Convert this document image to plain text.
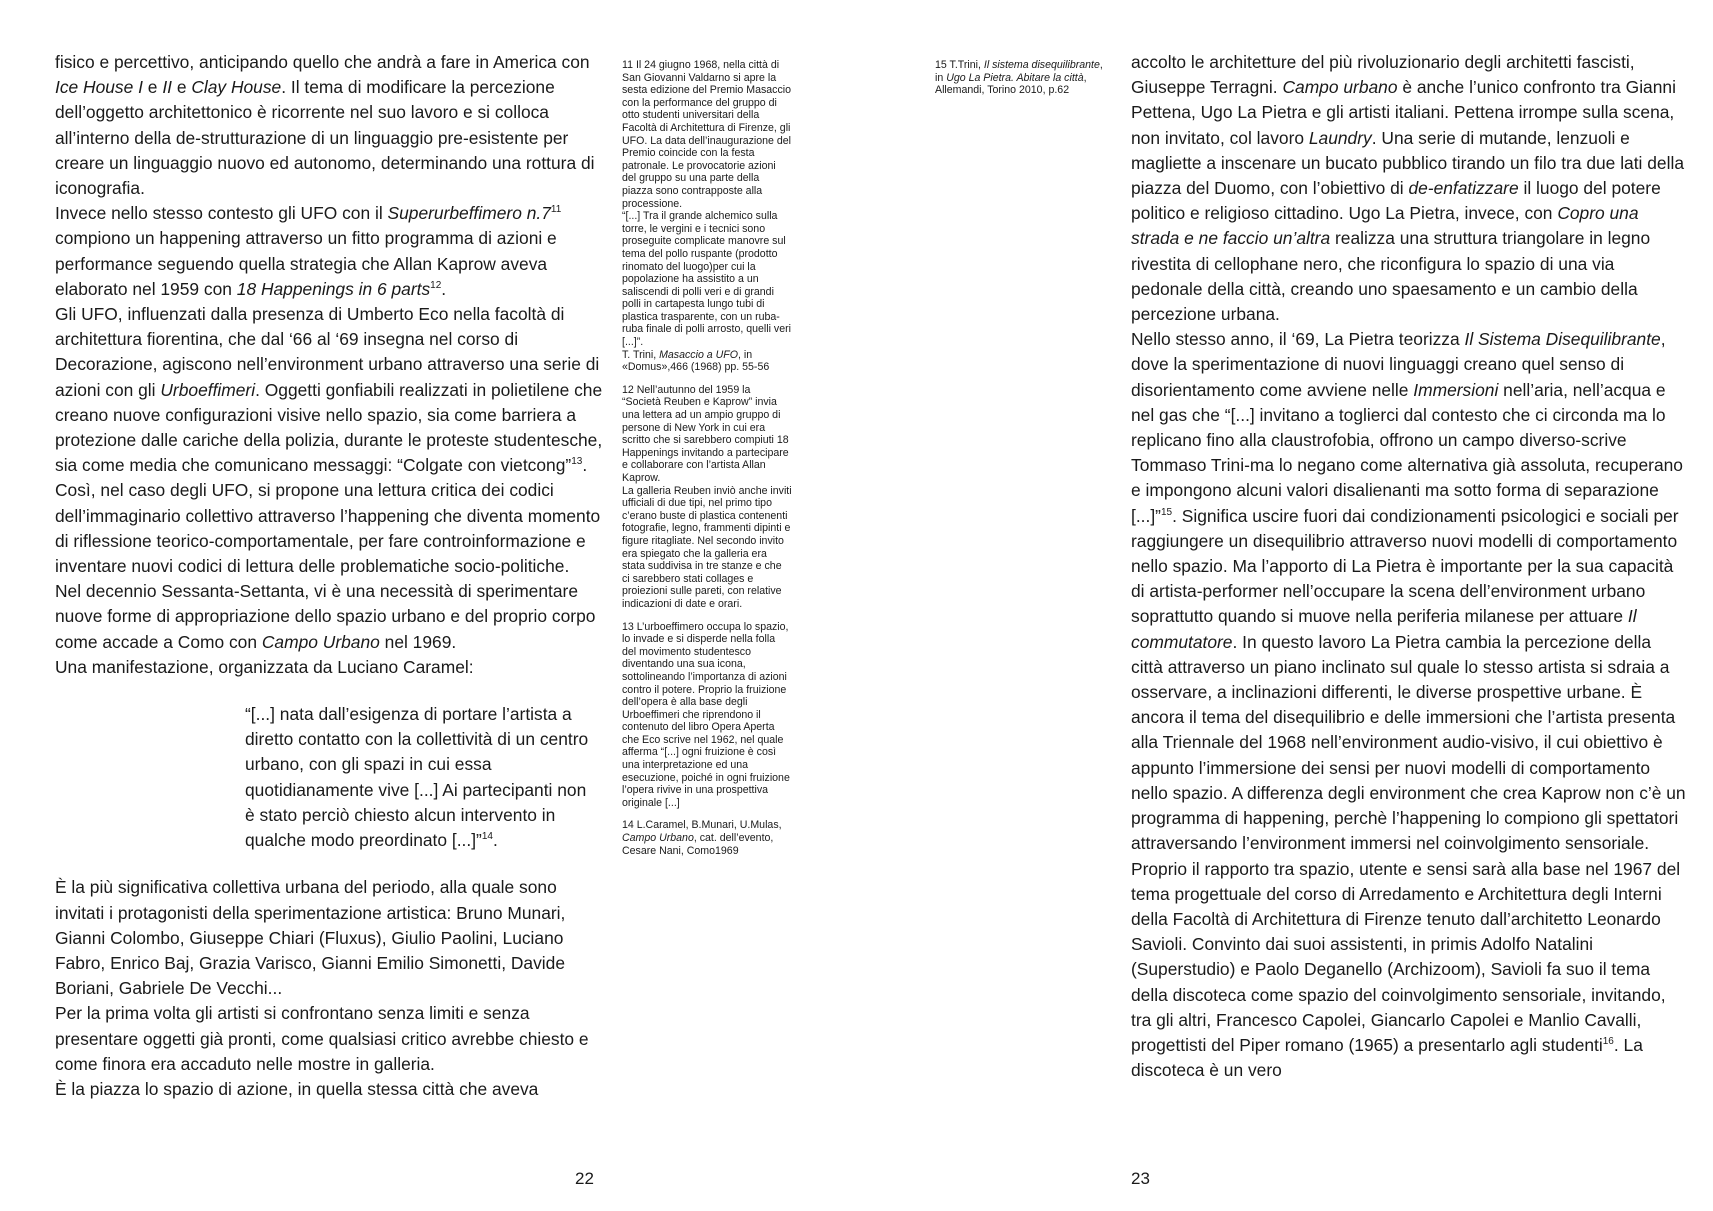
fisico e percettivo, anticipando quello che andrà a fare in America con Ice House I e II e Clay House. Il tema di modificare la percezione dell’oggetto architettonico è ricorrente nel suo lavoro e si colloca all’interno della de-strutturazione di un linguaggio pre-esistente per creare un linguaggio nuovo ed autonomo, determinando una rottura di iconografia.

Invece nello stesso contesto gli UFO con il Superurbeffimero $n.7^{11}$ compiono un happening attraverso un fitto programma di azioni e performance seguendo quella strategia che Allan Kaprow aveva elaborato nel 1959 con 18 Happenings in 6 parts$^{12}$.

Gli UFO, influenzati dalla presenza di Umberto Eco nella facoltà di architettura fiorentina, che dal ‘66 al ‘69 insegna nel corso di Decorazione, agiscono nell’environment urbano attraverso una serie di azioni con gli Urboeffimeri. Oggetti gonfiabili realizzati in polietilene che creano nuove configurazioni visive nello spazio, sia come barriera a protezione dalle cariche della polizia, durante le proteste studentesche, sia come media che comunicano messaggi: “Colgate con vietcong”$^{13}$. Così, nel caso degli UFO, si propone una lettura critica dei codici dell’immaginario collettivo attraverso l’happening che diventa momento di riflessione teorico-comportamentale, per fare controinformazione e inventare nuovi codici di lettura delle problematiche socio-politiche.

Nel decennio Sessanta-Settanta, vi è una necessità di sperimentare nuove forme di appropriazione dello spazio urbano e del proprio corpo come accade a Como con Campo Urbano nel 1969.

Una manifestazione, organizzata da Luciano Caramel:

“[...] nata dall’esigenza di portare l’artista a diretto contatto con la collettività di un centro urbano, con gli spazi in cui essa quotidianamente vive [...] Ai partecipanti non è stato perciò chiesto alcun intervento in qualche modo preordinato [...]”$^{14}$.

È la più significativa collettiva urbana del periodo, alla quale sono invitati i protagonisti della sperimentazione artistica: Bruno Munari, Gianni Colombo, Giuseppe Chiari (Fluxus), Giulio Paolini, Luciano Fabro, Enrico Baj, Grazia Varisco, Gianni Emilio Simonetti, Davide Boriani, Gabriele De Vecchi...

Per la prima volta gli artisti si confrontano senza limiti e senza presentare oggetti già pronti, come qualsiasi critico avrebbe chiesto e come finora era accaduto nelle mostre in galleria.

È la piazza lo spazio di azione, in quella stessa città che aveva

11 Il 24 giugno 1968, nella città di San Giovanni Valdarno si apre la sesta edizione del Premio Masaccio con la performance del gruppo di otto studenti universitari della Facoltà di Architettura di Firenze, gli UFO. La data dell’inaugurazione del Premio coincide con la festa patronale. Le provocatorie azioni del gruppo su una parte della piazza sono contrapposte alla processione.
“[...] Tra il grande alchemico sulla torre, le vergini e i tecnici sono proseguite complicate manovre sul tema del pollo ruspante (prodotto rinomato del luogo)per cui la popolazione ha assistito a un saliscendi di polli veri e di grandi polli in cartapesta lungo tubi di plastica trasparente, con un ruba-ruba finale di polli arrosto, quelli veri [...]”.
T. Trini, Masaccio a UFO, in «Domus»,466 (1968) pp. 55-56

12 Nell’autunno del 1959 la “Società Reuben e Kaprow” invia una lettera ad un ampio gruppo di persone di New York in cui era scritto che si sarebbero compiuti 18 Happenings invitando a partecipare e collaborare con l’artista Allan Kaprow.
La galleria Reuben inviò anche inviti ufficiali di due tipi, nel primo tipo c’erano buste di plastica contenenti fotografie, legno, frammenti dipinti e figure ritagliate. Nel secondo invito era spiegato che la galleria era stata suddivisa in tre stanze e che ci sarebbero stati collages e proiezioni sulle pareti, con relative indicazioni di date e orari.

13 L’urboeffimero occupa lo spazio, lo invade e si disperde nella folla del movimento studentesco diventando una sua icona, sottolineando l’importanza di azioni contro il potere. Proprio la fruizione dell’opera è alla base degli Urboeffimeri che riprendono il contenuto del libro Opera Aperta che Eco scrive nel 1962, nel quale afferma “[...] ogni fruizione è così una interpretazione ed una esecuzione, poiché in ogni fruizione l’opera rivive in una prospettiva originale [...]

14 L.Caramel, B.Munari, U.Mulas, Campo Urbano, cat. dell’evento, Cesare Nani, Como1969

22

15 T.Trini, Il sistema disequilibrante, in Ugo La Pietra. Abitare la città, Allemandi, Torino 2010, p.62

accolto le architetture del più rivoluzionario degli architetti fascisti, Giuseppe Terragni. Campo urbano è anche l’unico confronto tra Gianni Pettena, Ugo La Pietra e gli artisti italiani. Pettena irrompe sulla scena, non invitato, col lavoro Laundry. Una serie di mutande, lenzuoli e magliette a inscenare un bucato pubblico tirando un filo tra due lati della piazza del Duomo, con l’obiettivo di de-enfatizzare il luogo del potere politico e religioso cittadino. Ugo La Pietra, invece, con Copro una strada e ne faccio un’altra realizza una struttura triangolare in legno rivestita di cellophane nero, che riconfigura lo spazio di una via pedonale della città, creando uno spaesamento e un cambio della percezione urbana.

Nello stesso anno, il ‘69, La Pietra teorizza Il Sistema Disequilibrante, dove la sperimentazione di nuovi linguaggi creano quel senso di disorientamento come avviene nelle Immersioni nell’aria, nell’acqua e nel gas che “[...] invitano a toglierci dal contesto che ci circonda ma lo replicano fino alla claustrofobia, offrono un campo diverso-scrive Tommaso Trini-ma lo negano come alternativa già assoluta, recuperano e impongono alcuni valori disalienanti ma sotto forma di separazione [...]”$^{15}$. Significa uscire fuori dai condizionamenti psicologici e sociali per raggiungere un disequilibrio attraverso nuovi modelli di comportamento nello spazio. Ma l’apporto di La Pietra è importante per la sua capacità di artista-performer nell’occupare la scena dell’environment urbano soprattutto quando si muove nella periferia milanese per attuare Il commutatore. In questo lavoro La Pietra cambia la percezione della città attraverso un piano inclinato sul quale lo stesso artista si sdraia a osservare, a inclinazioni differenti, le diverse prospettive urbane. È ancora il tema del disequilibrio e delle immersioni che l’artista presenta alla Triennale del 1968 nell’environment audio-visivo, il cui obiettivo è appunto l’immersione dei sensi per nuovi modelli di comportamento nello spazio. A differenza degli environment che crea Kaprow non c’è un programma di happening, perchè l’happening lo compiono gli spettatori attraversando l’environment immersi nel coinvolgimento sensoriale. Proprio il rapporto tra spazio, utente e sensi sarà alla base nel 1967 del tema progettuale del corso di Arredamento e Architettura degli Interni della Facoltà di Architettura di Firenze tenuto dall’architetto Leonardo Savioli. Convinto dai suoi assistenti, in primis Adolfo Natalini (Superstudio) e Paolo Deganello (Archizoom), Savioli fa suo il tema della discoteca come spazio del coinvolgimento sensoriale, invitando, tra gli altri, Francesco Capolei, Giancarlo Capolei e Manlio Cavalli, progettisti del Piper romano (1965) a presentarlo agli studenti$^{16}$. La discoteca è un vero

23
